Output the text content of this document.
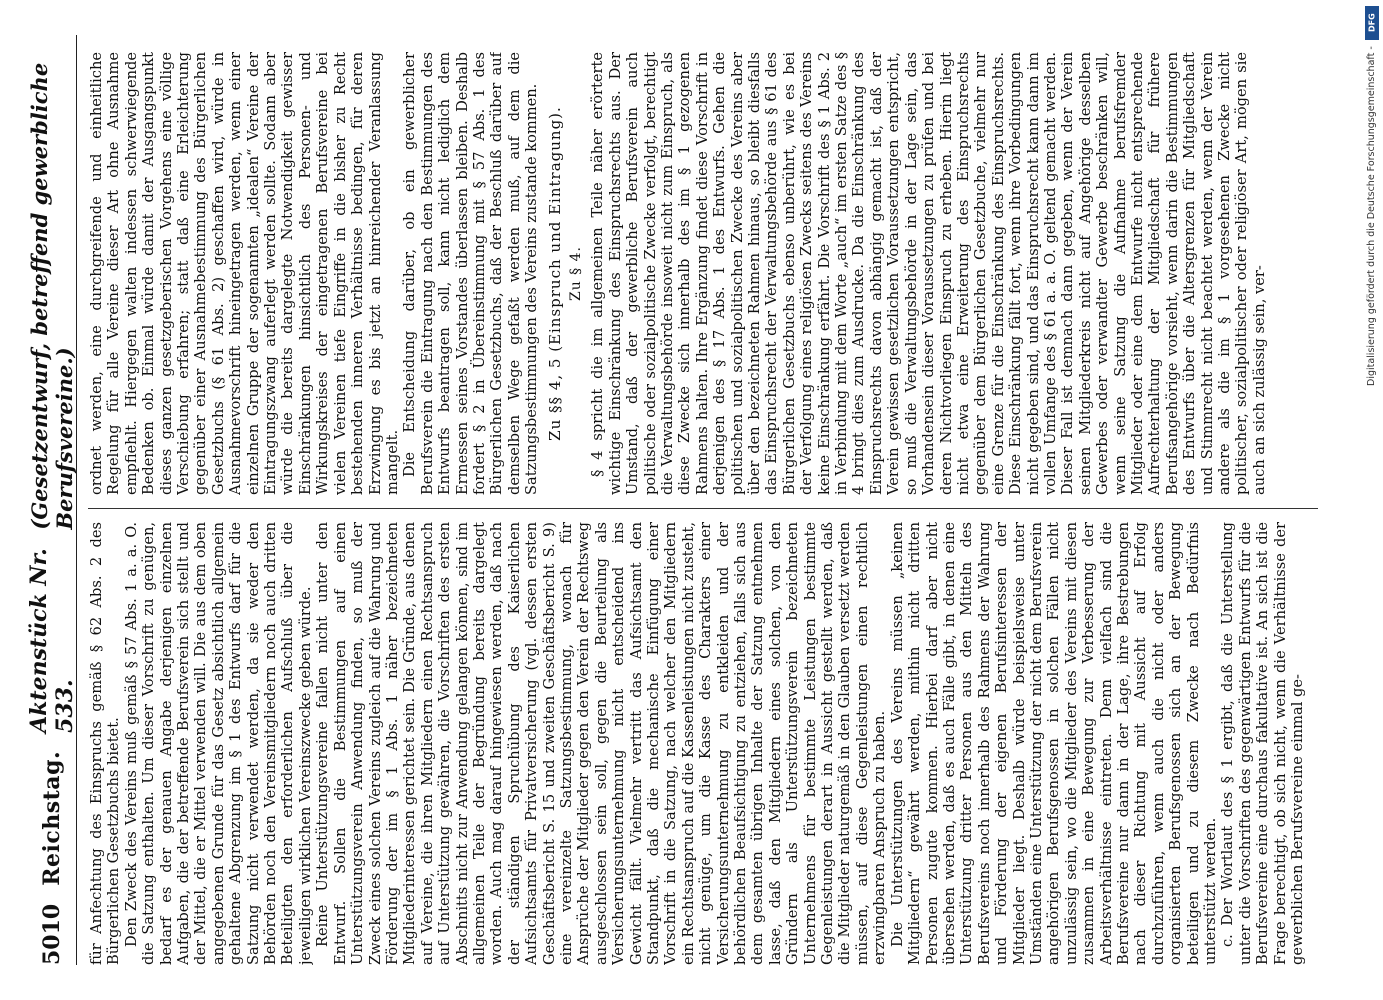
5010
Reichstag.
Aktenstück Nr. 533.
(Gesetzentwurf, betreffend gewerbliche Berufsvereine.)

für Anfechtung des Einspruchs gemäß § 62 Abs. 2 des Bürgerlichen Gesetzbuchs bietet. Den Zweck des Vereins muß gemäß § 57 Abs. 1 a. a. O. die Satzung enthalten. Um dieser Vorschrift zu genügen, bedarf es der genauen Angabe derjenigen einzelnen Aufgaben, die der betreffende Berufsverein sich stellt und der Mittel, die er Mittel verwenden will. Die aus dem oben angegebenen Grunde für das Gesetz absichtlich allgemein gehaltene Abgrenzung im § 1 des Entwurfs darf für die Satzung nicht verwendet werden, da sie weder den Behörden noch den Vereinsmitgliedern noch auch dritten Beteiligten den erforderlichen Aufschluß über die jeweiligen wirklichen Vereinszwecke geben würde. Reine Unterstützungsvereine fallen nicht unter den Entwurf. Sollen die Bestimmungen auf einen Unterstützungsverein Anwendung finden, so muß der Zweck eines solchen Vereins zugleich auf die Wahrung und Förderung der im § 1 Abs. 1 näher bezeichneten Mitgliederinteressen gerichtet sein. Die Gründe, aus denen auf Vereine, die ihren Mitgliedern einen Rechtsanspruch auf Unterstützung gewähren, die Vorschriften des ersten Abschnitts nicht zur Anwendung gelangen können, sind im allgemeinen Teile der Begründung bereits dargelegt worden. Auch mag darauf hingewiesen werden, daß nach der ständigen Spruchübung des Kaiserlichen Aufsichtsamts für Privatversicherung (vgl. dessen ersten Geschäftsbericht S. 15 und zweiten Geschäftsbericht S. 9) eine vereinzelte Satzungsbestimmung, wonach für Ansprüche der Mitglieder gegen den Verein der Rechtsweg ausgeschlossen sein soll, gegen die Beurteilung als Versicherungsunternehmung nicht entscheidend ins Gewicht fällt. Vielmehr vertritt das Aufsichtsamt den Standpunkt, daß die mechanische Einfügung einer Vorschrift in die Satzung, nach welcher den Mitgliedern ein Rechtsanspruch auf die Kassenleistungen nicht zusteht, nicht genüge, um die Kasse des Charakters einer Versicherungsunternehmung zu entkleiden und der behördlichen Beaufsichtigung zu entziehen, falls sich aus dem gesamten übrigen Inhalte der Satzung entnehmen lasse, daß den Mitgliedern eines solchen, von den Gründern als Unterstützungsverein bezeichneten Unternehmens für bestimmte Leistungen bestimmte Gegenleistungen derart in Aussicht gestellt werden, daß die Mitglieder naturgemäß in den Glauben versetzt werden müssen, auf diese Gegenleistungen einen rechtlich erzwingbaren Anspruch zu haben. Die Unterstützungen des Vereins müssen „keinen Mitgliedern“ gewährt werden, mithin nicht dritten Personen zugute kommen. Hierbei darf aber nicht übersehen werden, daß es auch Fälle gibt, in denen eine Unterstützung dritter Personen aus den Mitteln des Berufsvereins noch innerhalb des Rahmens der Wahrung und Förderung der eigenen Berufsinteressen der Mitglieder liegt. Deshalb würde beispielsweise unter Umständen eine Unterstützung der nicht dem Berufsverein angehörigen Berufsgenossen in solchen Fällen nicht unzulässig sein, wo die Mitglieder des Vereins mit diesen zusammen in eine Bewegung zur Verbesserung der Arbeitsverhältnisse eintreten. Denn vielfach sind die Berufsvereine nur dann in der Lage, ihre Bestrebungen nach dieser Richtung mit Aussicht auf Erfolg durchzuführen, wenn auch die nicht oder anders organisierten Berufsgenossen sich an der Bewegung beteiligen und zu diesem Zwecke nach Bedürfnis unterstützt werden. c. Der Wortlaut des § 1 ergibt, daß die Unterstellung unter die Vorschriften des gegenwärtigen Entwurfs für die Berufsvereine eine durchaus fakultative ist. An sich ist die Frage berechtigt, ob sich nicht, wenn die Verhältnisse der gewerblichen Berufsvereine einmal ge-

ordnet werden, eine durchgreifende und einheitliche Regelung für alle Vereine dieser Art ohne Ausnahme empfiehlt. Hiergegen walten indessen schwerwiegende Bedenken ob. Einmal würde damit der Ausgangspunkt dieses ganzen gesetzgeberischen Vorgehens eine völlige Verschiebung erfahren; statt daß eine Erleichterung gegenüber einer Ausnahmebestimmung des Bürgerlichen Gesetzbuchs (§ 61 Abs. 2) geschaffen wird, würde in Ausnahmevorschrift hineingetragen werden, wenn einer einzelnen Gruppe der sogenannten „idealen“ Vereine der Eintragungszwang auferlegt werden sollte. Sodann aber würde die bereits dargelegte Notwendigkeit gewisser Einschränkungen hinsichtlich des Personen- und Wirkungskreises der eingetragenen Berufsvereine bei vielen Vereinen tiefe Eingriffe in die bisher zu Recht bestehenden inneren Verhältnisse bedingen, für deren Erzwingung es bis jetzt an hinreichender Veranlassung mangelt. Die Entscheidung darüber, ob ein gewerblicher Berufsverein die Eintragung nach den Bestimmungen des Entwurfs beantragen soll, kann nicht lediglich dem Ermessen seines Vorstandes überlassen bleiben. Deshalb fordert § 2 in Übereinstimmung mit § 57 Abs. 1 des Bürgerlichen Gesetzbuchs, daß der Beschluß darüber auf demselben Wege gefaßt werden muß, auf dem die Satzungsbestimmungen des Vereins zustande kommen. Zu §§ 4, 5 (Einspruch und Eintragung). Zu § 4. § 4 spricht die im allgemeinen Teile näher erörterte wichtige Einschränkung des Einspruchsrechts aus. Der Umstand, daß der gewerbliche Berufsverein auch politische oder sozialpolitische Zwecke verfolgt, berechtigt die Verwaltungsbehörde insoweit nicht zum Einspruch, als diese Zwecke sich innerhalb des im § 1 gezogenen Rahmens halten. Ihre Ergänzung findet diese Vorschrift in derjenigen des § 17 Abs. 1 des Entwurfs. Gehen die politischen und sozialpolitischen Zwecke des Vereins aber über den bezeichneten Rahmen hinaus, so bleibt diesfalls das Einspruchsrecht der Verwaltungsbehörde aus § 61 des Bürgerlichen Gesetzbuchs ebenso unberührt, wie es bei der Verfolgung eines religiösen Zwecks seitens des Vereins keine Einschränkung erfährt. Die Vorschrift des § 1 Abs. 2 in Verbindung mit dem Worte „auch“ im ersten Satze des § 4 bringt dies zum Ausdrucke. Da die Einschränkung des Einspruchsrechts davon abhängig gemacht ist, daß der Verein gewissen gesetzlichen Voraussetzungen entspricht, so muß die Verwaltungsbehörde in der Lage sein, das Vorhandensein dieser Voraussetzungen zu prüfen und bei deren Nichtvorliegen Einspruch zu erheben. Hierin liegt nicht etwa eine Erweiterung des Einspruchsrechts gegenüber dem Bürgerlichen Gesetzbuche, vielmehr nur eine Grenze für die Einschränkung des Einspruchsrechts. Diese Einschränkung fällt fort, wenn ihre Vorbedingungen nicht gegeben sind, und das Einspruchsrecht kann dann im vollen Umfange des § 61 a. a. O. geltend gemacht werden. Dieser Fall ist demnach dann gegeben, wenn der Verein seinen Mitgliederkreis nicht auf Angehörige desselben Gewerbes oder verwandter Gewerbe beschränken will, wenn seine Satzung die Aufnahme berufsfremder Mitglieder oder eine dem Entwurfe nicht entsprechende Aufrechterhaltung der Mitgliedschaft für frühere Berufsangehörige vorsieht, wenn darin die Bestimmungen des Entwurfs über die Altersgrenzen für Mitgliedschaft und Stimmrecht nicht beachtet werden, wenn der Verein andere als die im § 1 vorgesehenen Zwecke nicht politischer, sozialpolitischer oder religiöser Art, mögen sie auch an sich zulässig sein, ver-

DFG
Digitalisierung gefördert durch die Deutsche Forschungsgemeinschaft -
